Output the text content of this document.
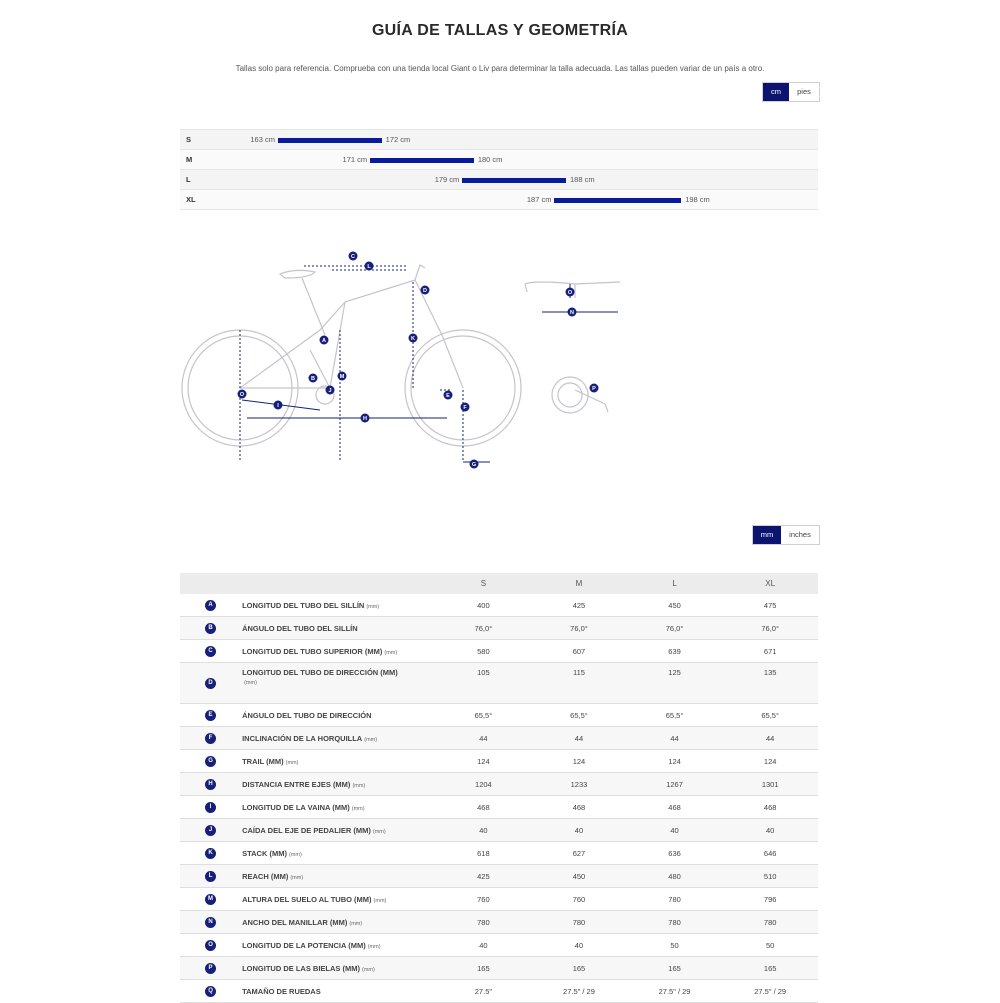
GUÍA DE TALLAS Y GEOMETRÍA
Tallas solo para referencia. Comprueba con una tienda local Giant o Liv para determinar la talla adecuada. Las tallas pueden variar de un país a otro.
cm	pies
S	163 cm	172 cm
M	171 cm	180 cm
L	179 cm	188 cm
XL	187 cm	198 cm
C
L
D
K
A
B	M
J
O
I
H
E
F
G
O
N
P
mm	inches
		S	M	L	XL
A	LONGITUD DEL TUBO DEL SILLÍN (mm)	400	425	450	475
B	ÁNGULO DEL TUBO DEL SILLÍN	76,0°	76,0°	76,0°	76,0°
C	LONGITUD DEL TUBO SUPERIOR (MM) (mm)	580	607	639	671
D	LONGITUD DEL TUBO DE DIRECCIÓN (MM)
(mm)	105	115	125	135
E	ÁNGULO DEL TUBO DE DIRECCIÓN	65,5°	65,5°	65,5°	65,5°
F	INCLINACIÓN DE LA HORQUILLA (mm)	44	44	44	44
G	TRAIL (MM) (mm)	124	124	124	124
H	DISTANCIA ENTRE EJES (MM) (mm)	1204	1233	1267	1301
I	LONGITUD DE LA VAINA (MM) (mm)	468	468	468	468
J	CAÍDA DEL EJE DE PEDALIER (MM) (mm)	40	40	40	40
K	STACK (MM) (mm)	618	627	636	646
L	REACH (MM) (mm)	425	450	480	510
M	ALTURA DEL SUELO AL TUBO (MM) (mm)	760	760	780	796
N	ANCHO DEL MANILLAR (MM) (mm)	780	780	780	780
O	LONGITUD DE LA POTENCIA (MM) (mm)	40	40	50	50
P	LONGITUD DE LAS BIELAS (MM) (mm)	165	165	165	165
Q	TAMAÑO DE RUEDAS	27.5"	27.5" / 29	27.5" / 29	27.5" / 29
